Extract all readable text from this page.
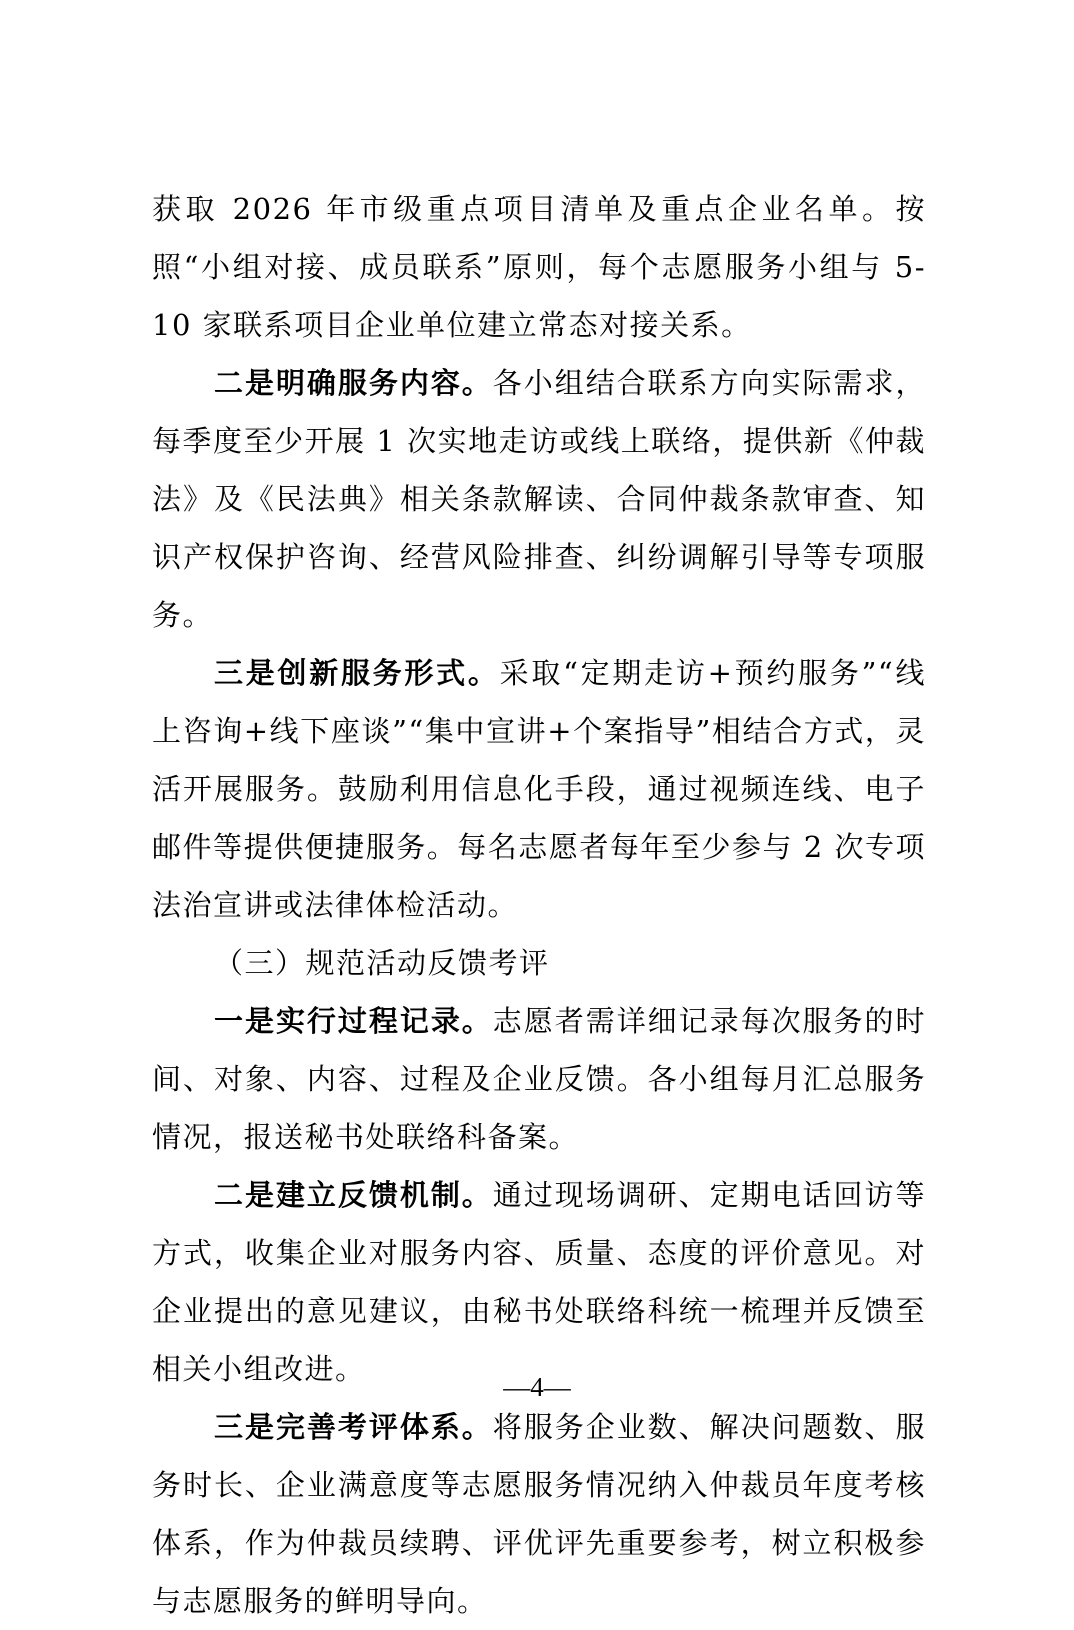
获取 2026 年市级重点项目清单及重点企业名单。按照“小组对接、成员联系”原则，每个志愿服务小组与 5-10 家联系项目企业单位建立常态对接关系。

二是明确服务内容。各小组结合联系方向实际需求，每季度至少开展 1 次实地走访或线上联络，提供新《仲裁法》及《民法典》相关条款解读、合同仲裁条款审查、知识产权保护咨询、经营风险排查、纠纷调解引导等专项服务。

三是创新服务形式。采取“定期走访+预约服务”“线上咨询+线下座谈”“集中宣讲+个案指导”相结合方式，灵活开展服务。鼓励利用信息化手段，通过视频连线、电子邮件等提供便捷服务。每名志愿者每年至少参与 2 次专项法治宣讲或法律体检活动。

（三）规范活动反馈考评

一是实行过程记录。志愿者需详细记录每次服务的时间、对象、内容、过程及企业反馈。各小组每月汇总服务情况，报送秘书处联络科备案。

二是建立反馈机制。通过现场调研、定期电话回访等方式，收集企业对服务内容、质量、态度的评价意见。对企业提出的意见建议，由秘书处联络科统一梳理并反馈至相关小组改进。

三是完善考评体系。将服务企业数、解决问题数、服务时长、企业满意度等志愿服务情况纳入仲裁员年度考核体系，作为仲裁员续聘、评优评先重要参考，树立积极参与志愿服务的鲜明导向。

—4—
